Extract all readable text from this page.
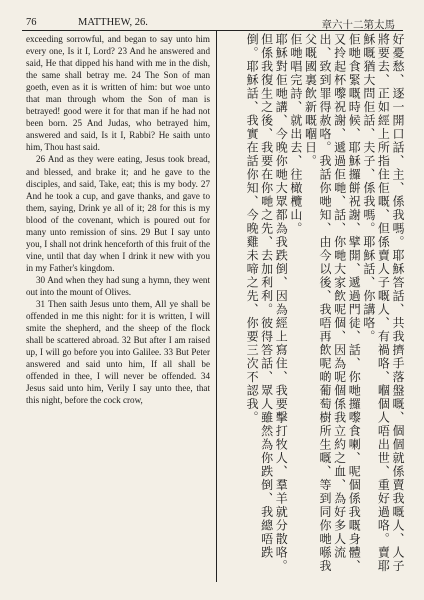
76	MATTHEW, 26.	章六十二第太馬

exceeding sorrowful, and began to say unto him every one, Is it I, Lord? 23 And he answered and said, He that dipped his hand with me in the dish, the same shall betray me. 24 The Son of man goeth, even as it is written of him: but woe unto that man through whom the Son of man is betrayed! good were it for that man if he had not been born. 25 And Judas, who betrayed him, answered and said, Is it I, Rabbi? He saith unto him, Thou hast said.

26 And as they were eating, Jesus took bread, and blessed, and brake it; and he gave to the disciples, and said, Take, eat; this is my body. 27 And he took a cup, and gave thanks, and gave to them, saying, Drink ye all of it; 28 for this is my blood of the covenant, which is poured out for many unto remission of sins. 29 But I say unto you, I shall not drink henceforth of this fruit of the vine, until that day when I drink it new with you in my Father's kingdom.

30 And when they had sung a hymn, they went out into the mount of Olives.

31 Then saith Jesus unto them, All ye shall be offended in me this night: for it is written, I will smite the shepherd, and the sheep of the flock shall be scattered abroad. 32 But after I am raised up, I will go before you into Galilee. 33 But Peter answered and said unto him, If all shall be offended in thee, I will never be offended. 34 Jesus said unto him, Verily I say unto thee, that this night, before the cock crow,	好憂愁、逐一開口話、主、係我嗎。耶穌答話、共我擠手落盤嘅、個個就係賣我嘅人、人子將要去、正如經上所指住佢嘅、但係賣人子嘅人、有禍咯、嗰個人唔出世、重好過咯。賣耶穌嘅猶大問佢話、夫子、係我嗎。耶穌話、你講咯。

佢哋食緊嘅時候、耶穌攞餅祝謝、擘開、遞過門徒、話、你哋攞嚟食喇、呢個係我嘅身體、又拎起杯嚟祝謝、遞過佢哋、話、你哋大家飲呢個、因為呢個係我立約之血、為好多人流出、致到罪得赦咯。我話你哋知、由今以後、我唔再飲呢啲葡萄樹所生嘅、等到同你哋喺我父嘅國裏飲新嘅嗰日。

佢哋唱完詩、就出去、往橄欖山。

耶穌對佢哋講、今晚你哋大眾都為我跌倒、因為經上寫住、我要擊打牧人、羣羊就分散咯。但係我復生之後、我要在你哋之先、去加利利。彼得答話、眾人雖然為你跌倒、我總唔跌倒。耶穌話、我實在話你知、今晚雞未啼之先、你要三次不認我。
